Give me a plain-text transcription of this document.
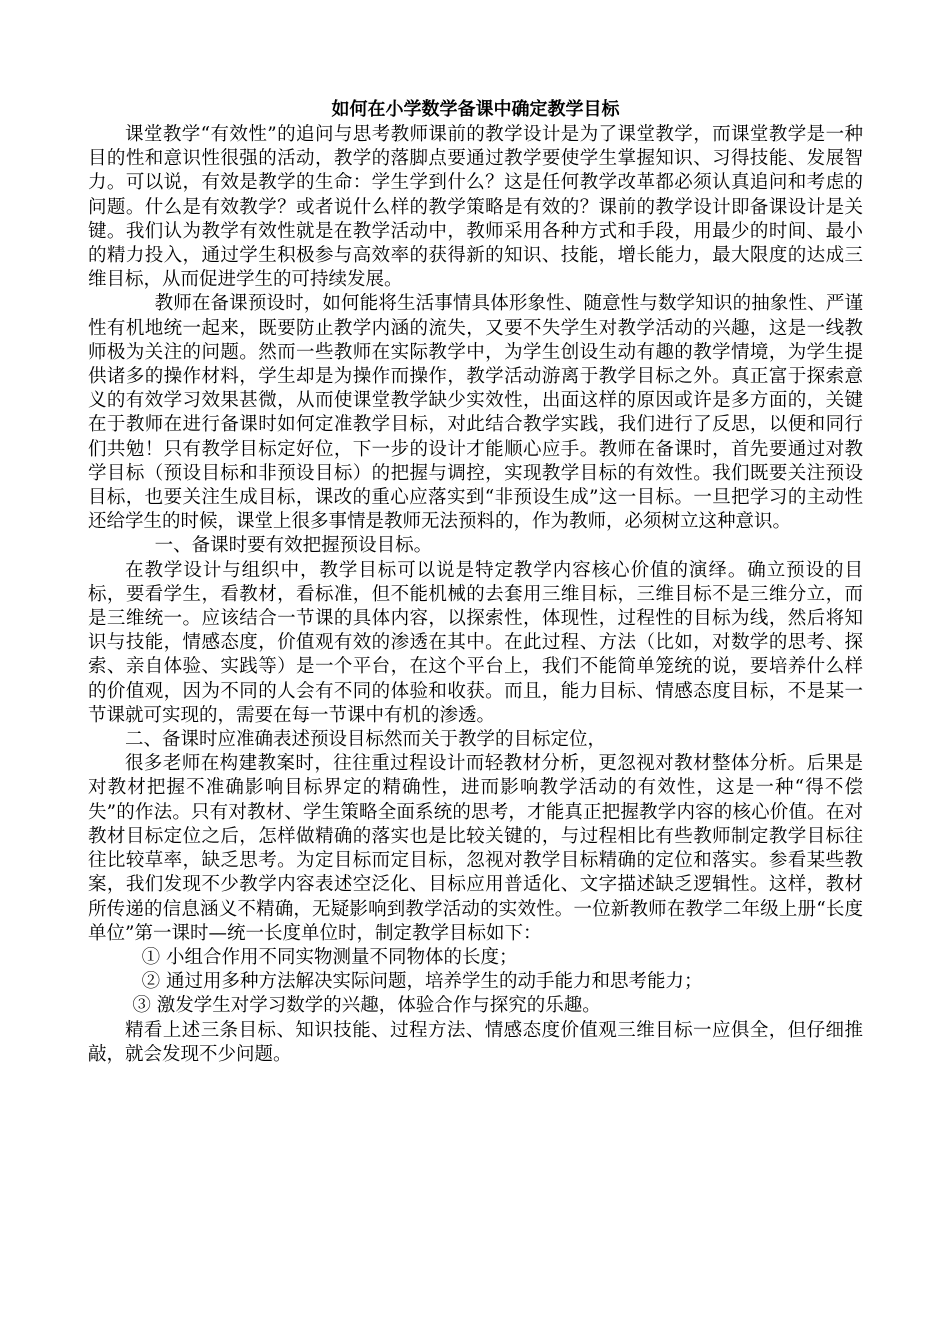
如何在小学数学备课中确定教学目标

课堂教学“有效性”的追问与思考教师课前的教学设计是为了课堂教学，而课堂教学是一种目的性和意识性很强的活动，教学的落脚点要通过教学要使学生掌握知识、习得技能、发展智力。可以说，有效是教学的生命：学生学到什么？这是任何教学改革都必须认真追问和考虑的问题。什么是有效教学？或者说什么样的教学策略是有效的？课前的教学设计即备课设计是关键。我们认为教学有效性就是在教学活动中，教师采用各种方式和手段，用最少的时间、最小的精力投入，通过学生积极参与高效率的获得新的知识、技能，增长能力，最大限度的达成三维目标，从而促进学生的可持续发展。

教师在备课预设时，如何能将生活事情具体形象性、随意性与数学知识的抽象性、严谨性有机地统一起来，既要防止教学内涵的流失，又要不失学生对教学活动的兴趣，这是一线教师极为关注的问题。然而一些教师在实际教学中，为学生创设生动有趣的教学情境，为学生提供诸多的操作材料，学生却是为操作而操作，教学活动游离于教学目标之外。真正富于探索意义的有效学习效果甚微，从而使课堂教学缺少实效性，出面这样的原因或许是多方面的，关键在于教师在进行备课时如何定准教学目标，对此结合教学实践，我们进行了反思，以便和同行们共勉！只有教学目标定好位，下一步的设计才能顺心应手。教师在备课时，首先要通过对教学目标（预设目标和非预设目标）的把握与调控，实现教学目标的有效性。我们既要关注预设目标，也要关注生成目标，课改的重心应落实到“非预设生成”这一目标。一旦把学习的主动性还给学生的时候，课堂上很多事情是教师无法预料的，作为教师，必须树立这种意识。

一、备课时要有效把握预设目标。

在教学设计与组织中，教学目标可以说是特定教学内容核心价值的演绎。确立预设的目标，要看学生，看教材，看标准，但不能机械的去套用三维目标，三维目标不是三维分立，而是三维统一。应该结合一节课的具体内容，以探索性，体现性，过程性的目标为线，然后将知识与技能，情感态度，价值观有效的渗透在其中。在此过程、方法（比如，对数学的思考、探索、亲自体验、实践等）是一个平台，在这个平台上，我们不能简单笼统的说，要培养什么样的价值观，因为不同的人会有不同的体验和收获。而且，能力目标、情感态度目标，不是某一节课就可实现的，需要在每一节课中有机的渗透。

二、备课时应准确表述预设目标然而关于教学的目标定位，

很多老师在构建教案时，往往重过程设计而轻教材分析，更忽视对教材整体分析。后果是对教材把握不准确影响目标界定的精确性，进而影响教学活动的有效性，这是一种“得不偿失”的作法。只有对教材、学生策略全面系统的思考，才能真正把握教学内容的核心价值。在对教材目标定位之后，怎样做精确的落实也是比较关键的，与过程相比有些教师制定教学目标往往比较草率，缺乏思考。为定目标而定目标，忽视对教学目标精确的定位和落实。参看某些教案，我们发现不少教学内容表述空泛化、目标应用普适化、文字描述缺乏逻辑性。这样，教材所传递的信息涵义不精确，无疑影响到教学活动的实效性。一位新教师在教学二年级上册“长度单位”第一课时—统一长度单位时，制定教学目标如下：

① 小组合作用不同实物测量不同物体的长度；

② 通过用多种方法解决实际问题，培养学生的动手能力和思考能力；

③ 激发学生对学习数学的兴趣，体验合作与探究的乐趣。

精看上述三条目标、知识技能、过程方法、情感态度价值观三维目标一应俱全，但仔细推敲，就会发现不少问题。
